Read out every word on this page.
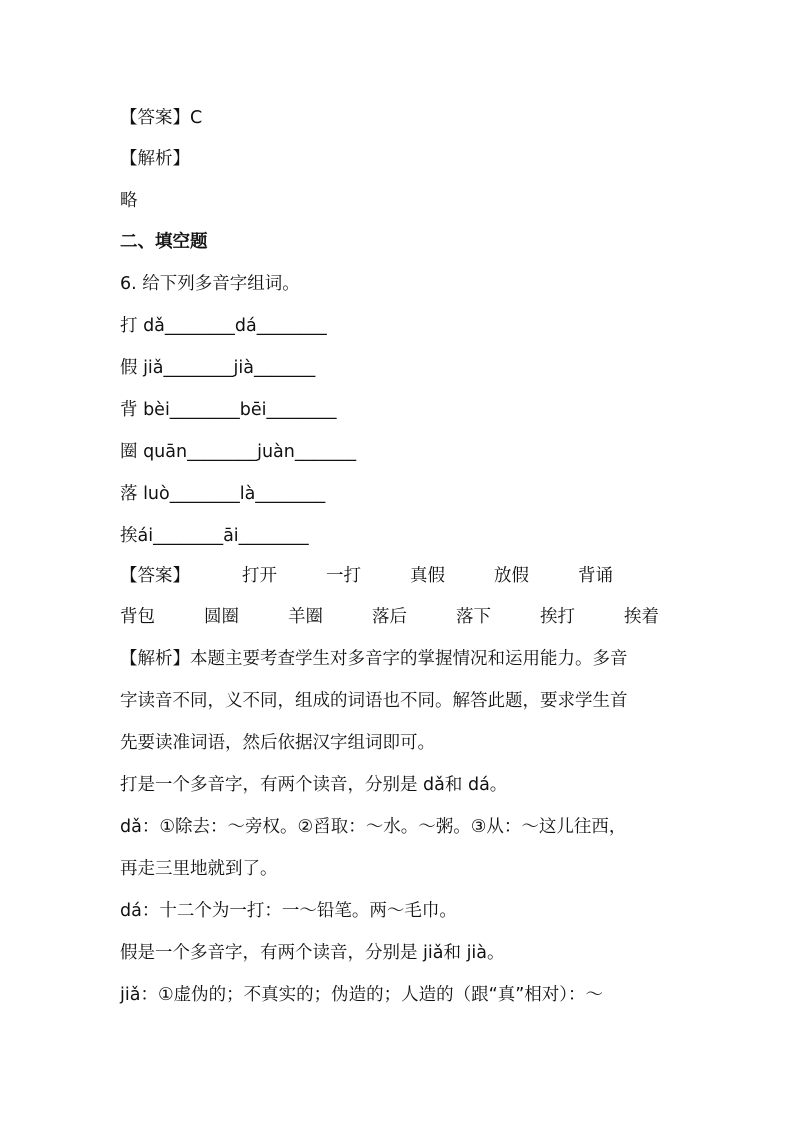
【答案】C
【解析】
略
二、填空题
6. 给下列多音字组词。
打 dǎ________dá________
假 jiǎ________jià_______
背 bèi________bēi________
圈 quān________juàn_______
落 luò________là________
挨ái________āi________
【答案】	打开	一打	真假	放假	背诵
背包	圆圈	羊圈	落后	落下	挨打	挨着
【解析】本题主要考查学生对多音字的掌握情况和运用能力。多音
字读音不同，义不同，组成的词语也不同。解答此题，要求学生首
先要读准词语，然后依据汉字组词即可。
打是一个多音字，有两个读音，分别是 dǎ和 dá。
dǎ：①除去：～旁权。②舀取：～水。～粥。③从：～这儿往西，
再走三里地就到了。
dá：十二个为一打：一～铅笔。两～毛巾。
假是一个多音字，有两个读音，分别是 jiǎ和 jià。
jiǎ：①虚伪的；不真实的；伪造的；人造的（跟“真”相对）：～
